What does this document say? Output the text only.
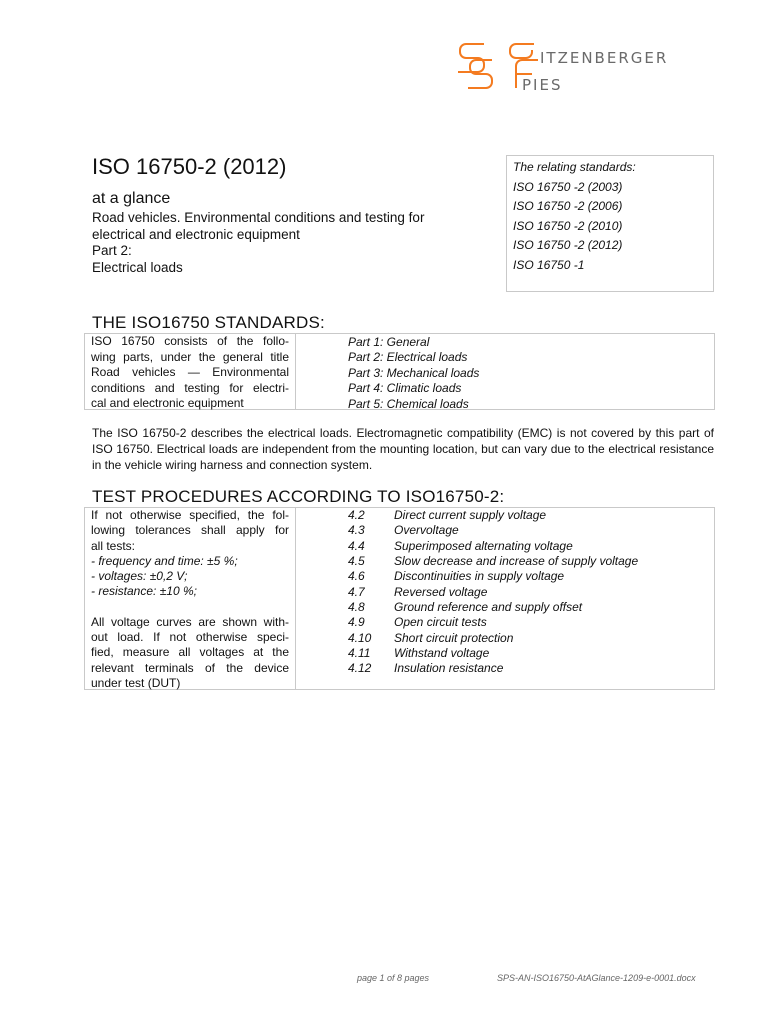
ITZENBERGER
PIES
ISO 16750-2 (2012)
at a glance
Road vehicles. Environmental conditions and testing for
electrical and electronic equipment
Part 2:
Electrical loads
The relating standards:
ISO 16750 -2 (2003)
ISO 16750 -2 (2006)
ISO 16750 -2 (2010)
ISO 16750 -2 (2012)
ISO 16750 -1
THE ISO16750 STANDARDS:
ISO 16750 consists of the follo-
wing parts, under the general title
Road vehicles — Environmental
conditions and testing for electri-
cal and electronic equipment
Part 1: General
Part 2: Electrical loads
Part 3: Mechanical loads
Part 4: Climatic loads
Part 5: Chemical loads
The ISO 16750-2 describes the electrical loads. Electromagnetic compatibility (EMC) is not covered by this part of ISO 16750. Electrical loads are independent from the mounting location, but can vary due to the electrical resistance in the vehicle wiring harness and connection system.
TEST PROCEDURES ACCORDING TO ISO16750-2:
If not otherwise specified, the fol-
lowing tolerances shall apply for
all tests:
- frequency and time: ±5 %;
- voltages: ±0,2 V;
- resistance: ±10 %;
All voltage curves are shown with-
out load. If not otherwise speci-
fied, measure all voltages at the
relevant terminals of the device
under test (DUT)
4.2 Direct current supply voltage
4.3 Overvoltage
4.4 Superimposed alternating voltage
4.5 Slow decrease and increase of supply voltage
4.6 Discontinuities in supply voltage
4.7 Reversed voltage
4.8 Ground reference and supply offset
4.9 Open circuit tests
4.10 Short circuit protection
4.11 Withstand voltage
4.12 Insulation resistance
page 1 of 8 pages	SPS-AN-ISO16750-AtAGlance-1209-e-0001.docx
